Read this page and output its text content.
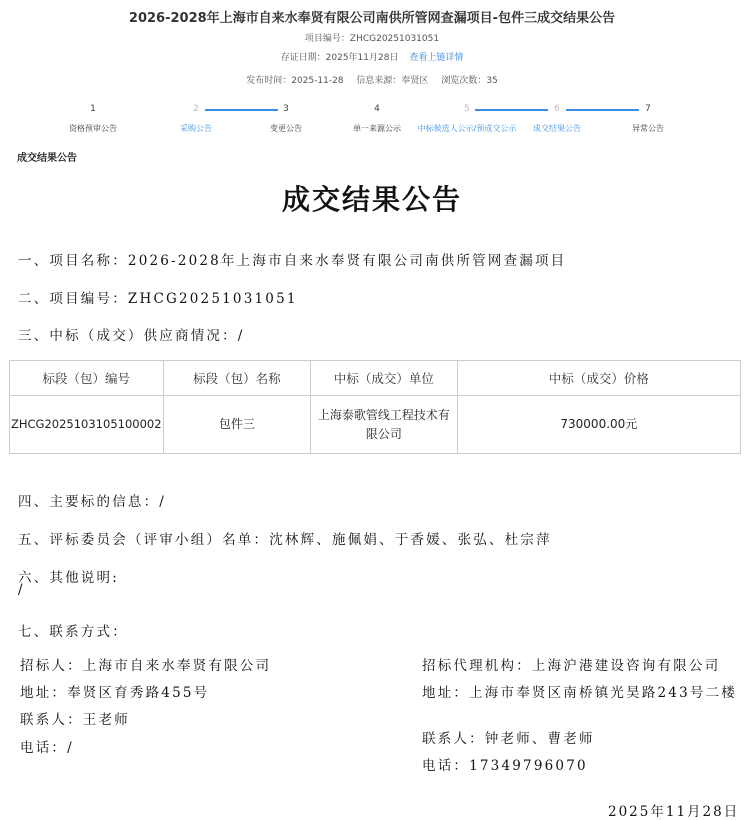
2026-2028年上海市自来水奉贤有限公司南供所管网查漏项目-包件三成交结果公告
项目编号：ZHCG20251031051
存证日期：2025年11月28日 查看上链详情
发布时间：2025-11-28 信息来源：奉贤区 浏览次数：35
1
资格预审公告
2
采购公告
3
变更公告
4
单一来源公示
5
中标候选人公示/预成交公示
6
成交结果公告
7
异常公告
成交结果公告
成交结果公告
一、项目名称：2026-2028年上海市自来水奉贤有限公司南供所管网查漏项目
二、项目编号：ZHCG20251031051
三、中标（成交）供应商情况：/
标段（包）编号	标段（包）名称	中标（成交）单位	中标（成交）价格
ZHCG2025103105100002	包件三	上海泰歌管线工程技术有限公司	730000.00元
四、主要标的信息：/
五、评标委员会（评审小组）名单：沈林辉、施佩娟、于香媛、张弘、杜宗萍
六、其他说明:
/
七、联系方式：
招标人：上海市自来水奉贤有限公司
地址：奉贤区育秀路455号
联系人：王老师
电话：/
招标代理机构：上海沪港建设咨询有限公司
地址：上海市奉贤区南桥镇光昊路243号二楼
联系人：钟老师、曹老师
电话：17349796070
2025年11月28日
